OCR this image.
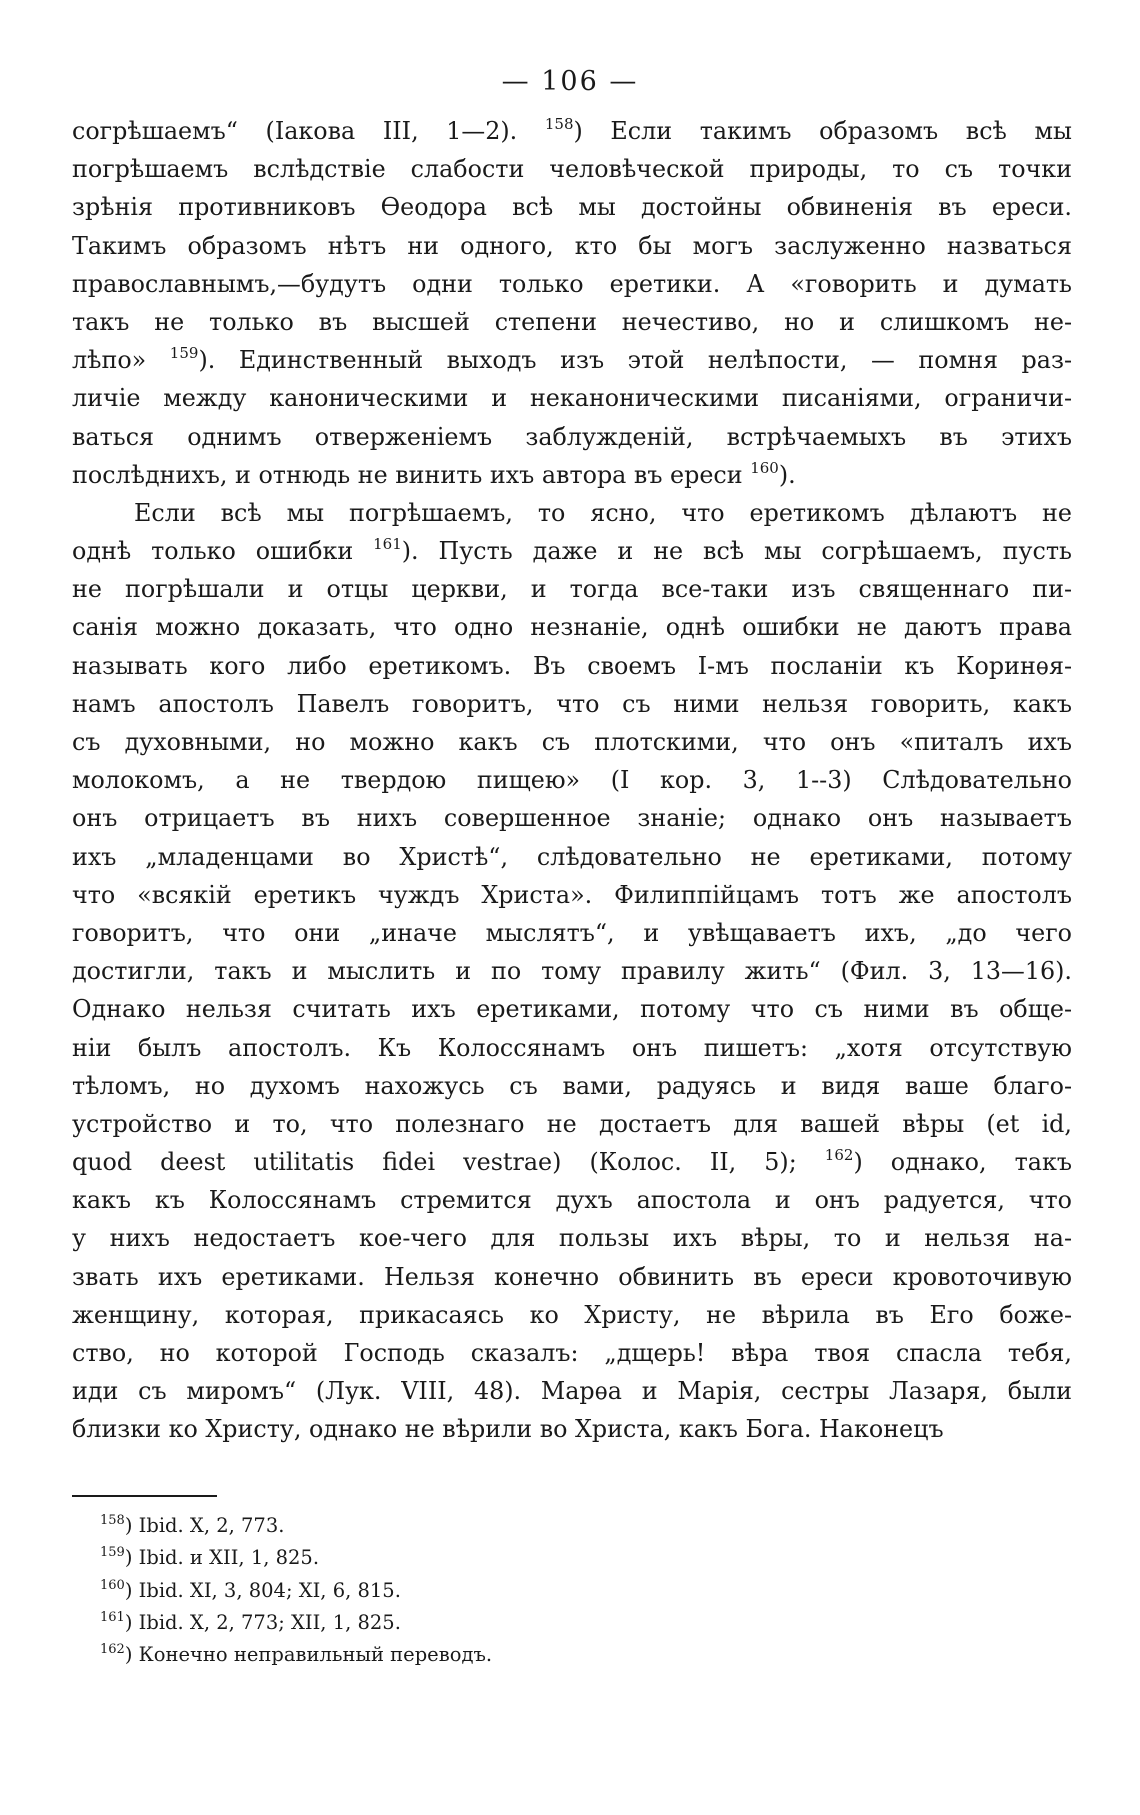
— 106 —
согрѣшаемъ“ (Іакова III, 1—2). $^{158}$) Если такимъ образомъ всѣ мы
погрѣшаемъ вслѣдствіе слабости человѣческой природы, то съ точки
зрѣнія противниковъ Ѳеодора всѣ мы достойны обвиненія въ ереси.
Такимъ образомъ нѣтъ ни одного, кто бы могъ заслуженно назваться
православнымъ,—будутъ одни только еретики. А «говорить и думать
такъ не только въ высшей степени нечестиво, но и слишкомъ не-
лѣпо» $^{159}$). Единственный выходъ изъ этой нелѣпости, — помня раз-
личіе между каноническими и неканоническими писаніями, ограничи-
ваться однимъ отверженіемъ заблужденій, встрѣчаемыхъ въ этихъ
послѣднихъ, и отнюдь не винить ихъ автора въ ереси $^{160}$).
Если всѣ мы погрѣшаемъ, то ясно, что еретикомъ дѣлаютъ не
однѣ только ошибки $^{161}$). Пусть даже и не всѣ мы согрѣшаемъ, пусть
не погрѣшали и отцы церкви, и тогда все-таки изъ священнаго пи-
санія можно доказать, что одно незнаніе, однѣ ошибки не даютъ права
называть кого либо еретикомъ. Въ своемъ I-мъ посланіи къ Коринѳя-
намъ апостолъ Павелъ говоритъ, что съ ними нельзя говорить, какъ
съ духовными, но можно какъ съ плотскими, что онъ «питалъ ихъ
молокомъ, а не твердою пищею» (I кор. 3, 1--3) Слѣдовательно
онъ отрицаетъ въ нихъ совершенное знаніе; однако онъ называетъ
ихъ „младенцами во Христѣ“, слѣдовательно не еретиками, потому
что «всякій еретикъ чуждъ Христа». Филиппійцамъ тотъ же апостолъ
говоритъ, что они „иначе мыслятъ“, и увѣщаваетъ ихъ, „до чего
достигли, такъ и мыслить и по тому правилу жить“ (Фил. 3, 13—16).
Однако нельзя считать ихъ еретиками, потому что съ ними въ обще-
ніи былъ апостолъ. Къ Колоссянамъ онъ пишетъ: „хотя отсутствую
тѣломъ, но духомъ нахожусь съ вами, радуясь и видя ваше благо-
устройство и то, что полезнаго не достаетъ для вашей вѣры (et id,
quod deest utilitatis fidei vestrae) (Колос. II, 5); $^{162}$) однако, такъ
какъ къ Колоссянамъ стремится духъ апостола и онъ радуется, что
у нихъ недостаетъ кое-чего для пользы ихъ вѣры, то и нельзя на-
звать ихъ еретиками. Нельзя конечно обвинить въ ереси кровоточивую
женщину, которая, прикасаясь ко Христу, не вѣрила въ Его боже-
ство, но которой Господь сказалъ: „дщерь! вѣра твоя спасла тебя,
иди съ миромъ“ (Лук. VIII, 48). Марѳа и Марія, сестры Лазаря, были
близки ко Христу, однако не вѣрили во Христа, какъ Бога. Наконецъ
$^{158}$) Ibid. X, 2, 773.
$^{159}$) Ibid. и XII, 1, 825.
$^{160}$) Ibid. XI, 3, 804; XI, 6, 815.
$^{161}$) Ibid. X, 2, 773; XII, 1, 825.
$^{162}$) Конечно неправильный переводъ.
